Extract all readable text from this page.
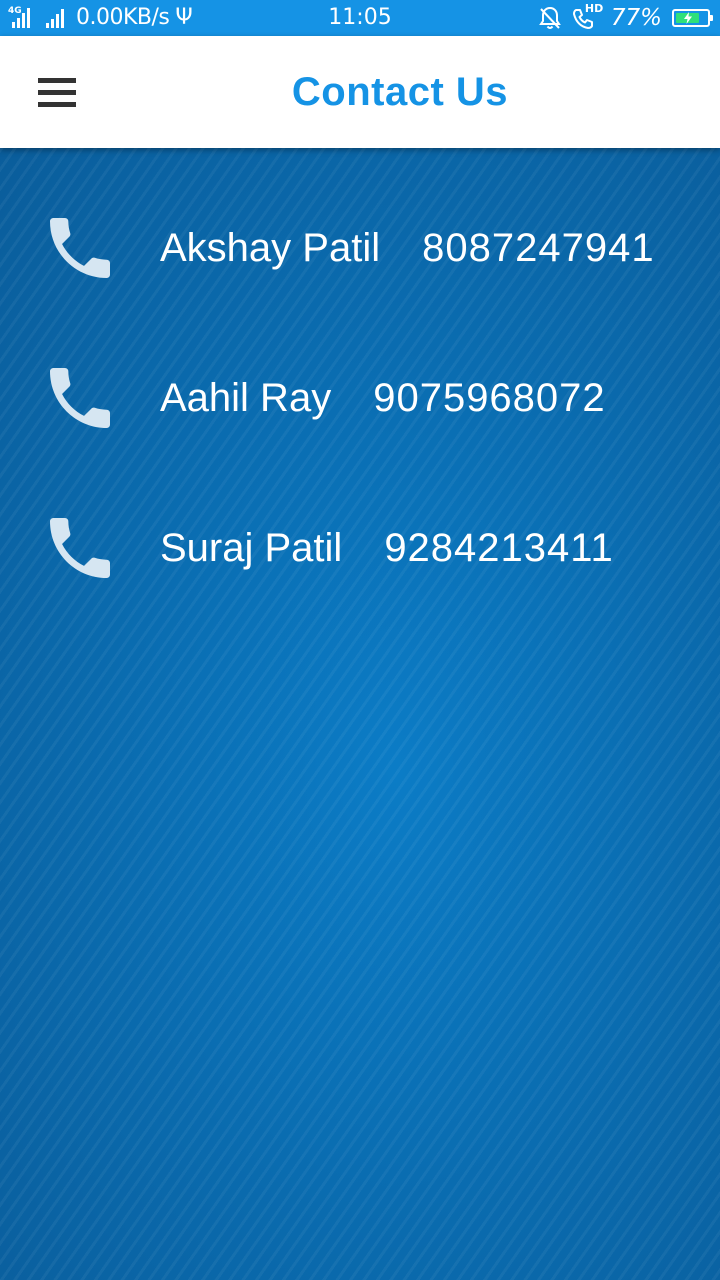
4G 0.00KB/s Ψ	11:05	HD 77%
Contact Us
Akshay Patil 8087247941
Aahil Ray 9075968072
Suraj Patil 9284213411
